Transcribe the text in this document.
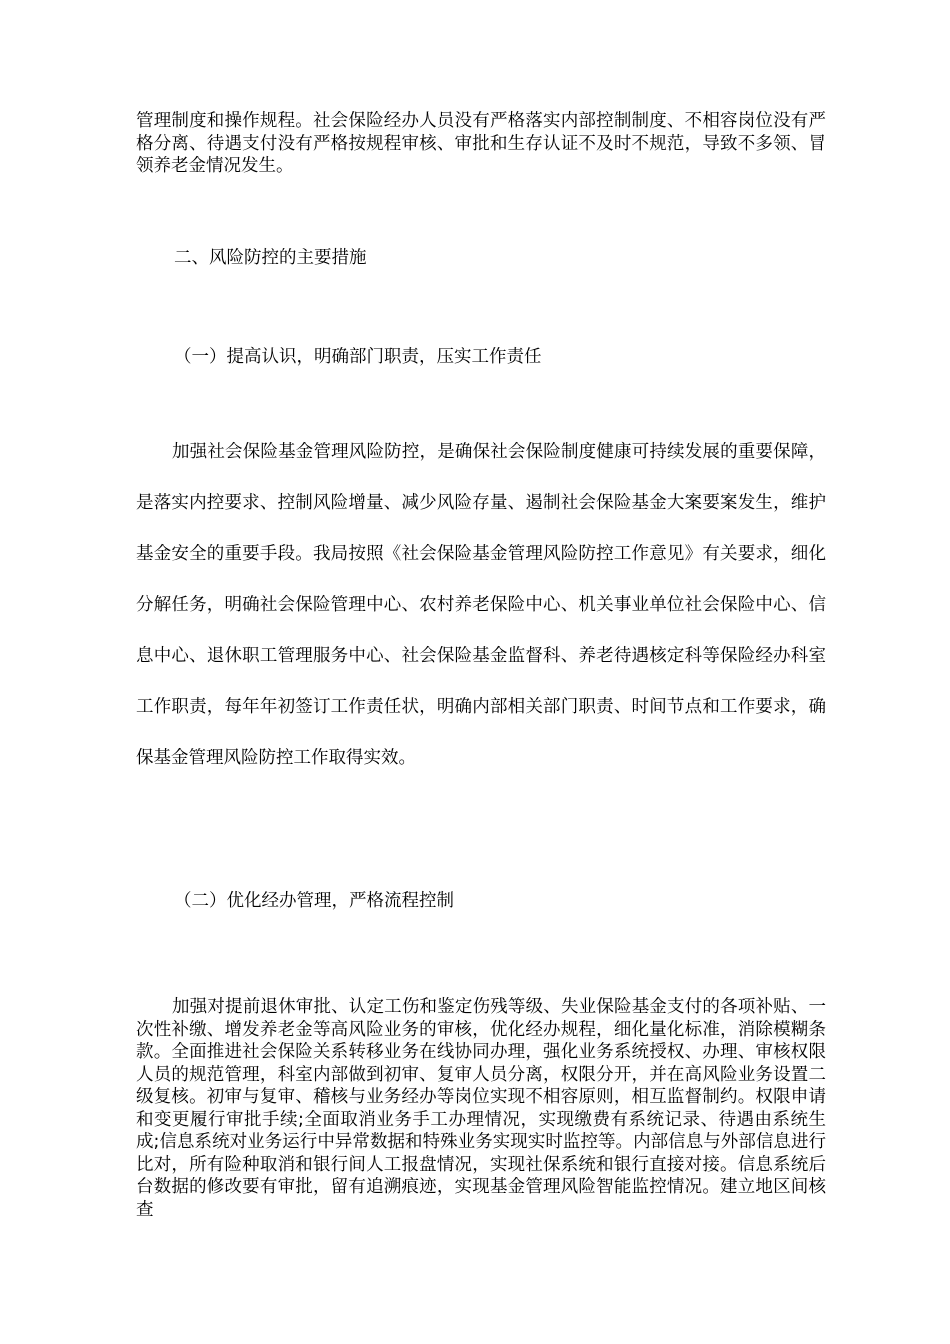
管理制度和操作规程。社会保险经办人员没有严格落实内部控制制度、不相容岗位没有严格分离、待遇支付没有严格按规程审核、审批和生存认证不及时不规范，导致不多领、冒领养老金情况发生。

二、风险防控的主要措施

（一）提高认识，明确部门职责，压实工作责任

加强社会保险基金管理风险防控，是确保社会保险制度健康可持续发展的重要保障，是落实内控要求、控制风险增量、减少风险存量、遏制社会保险基金大案要案发生，维护基金安全的重要手段。我局按照《社会保险基金管理风险防控工作意见》有关要求，细化分解任务，明确社会保险管理中心、农村养老保险中心、机关事业单位社会保险中心、信息中心、退休职工管理服务中心、社会保险基金监督科、养老待遇核定科等保险经办科室工作职责，每年年初签订工作责任状，明确内部相关部门职责、时间节点和工作要求，确保基金管理风险防控工作取得实效。

（二）优化经办管理，严格流程控制

加强对提前退休审批、认定工伤和鉴定伤残等级、失业保险基金支付的各项补贴、一次性补缴、增发养老金等高风险业务的审核，优化经办规程，细化量化标准，消除模糊条款。全面推进社会保险关系转移业务在线协同办理，强化业务系统授权、办理、审核权限人员的规范管理，科室内部做到初审、复审人员分离，权限分开，并在高风险业务设置二级复核。初审与复审、稽核与业务经办等岗位实现不相容原则，相互监督制约。权限申请和变更履行审批手续;全面取消业务手工办理情况，实现缴费有系统记录、待遇由系统生成;信息系统对业务运行中异常数据和特殊业务实现实时监控等。内部信息与外部信息进行比对，所有险种取消和银行间人工报盘情况，实现社保系统和银行直接对接。信息系统后台数据的修改要有审批，留有追溯痕迹，实现基金管理风险智能监控情况。建立地区间核查
